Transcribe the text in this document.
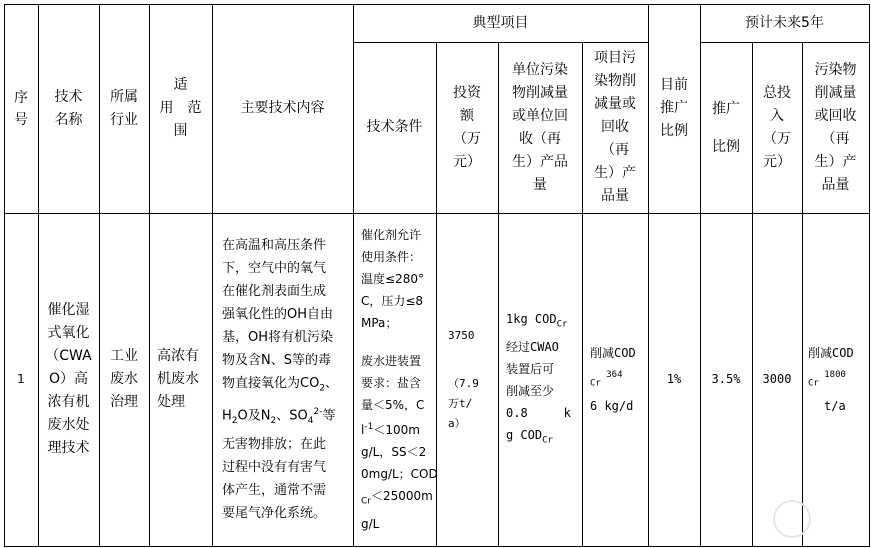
序号
技术
名称
所属
行业
适
用　范
围
主要技术内容
典型项目
技术条件
投资
额
（万
元）
单位污染
物削减量
或单位回
收（再
生）产品
量
项目污
染物削
减量或
回收
（再
生）产
品量
目前
推广
比例
预计未来5年
推广
比例
总投
入
（万
元）
污染物
削减量
或回收
（再
生）产
品量
1
催化湿
式氧化
（CWA
O）高
浓有机
废水处
理技术
工业
废水
治理
高浓有
机废水
处理
在高温和高压条件
下，空气中的氧气
在催化剂表面生成
强氧化性的OH自由
基，OH将有机污染
物及含N、S等的毒
物直接氧化为$CO_2$、
$H_2O$及$N_2$、$SO_4^{2-}$等
无害物排放；在此
过程中没有有害气
体产生，通常不需
要尾气净化系统。
催化剂允许
使用条件：
温度≤280°
C，压力≤8
MPa；
废水进装置
要求：盐含
量＜5%，C
$l^{-1}<100m$
g/L，SS＜2
0mg/L；COD
$_{Cr}$＜25000m
g/L
3750
（7.9
万t/
a）
1kg $COD_{Cr}$
经过CWAO
装置后可
削减至少
0.8　　　k
g $COD_{Cr}$
削减COD
$_{Cr}$ $^{364}$
6 kg/d
1%	3.5% 3000
削减COD
$_{Cr}$ $^{1800}$
t/a
